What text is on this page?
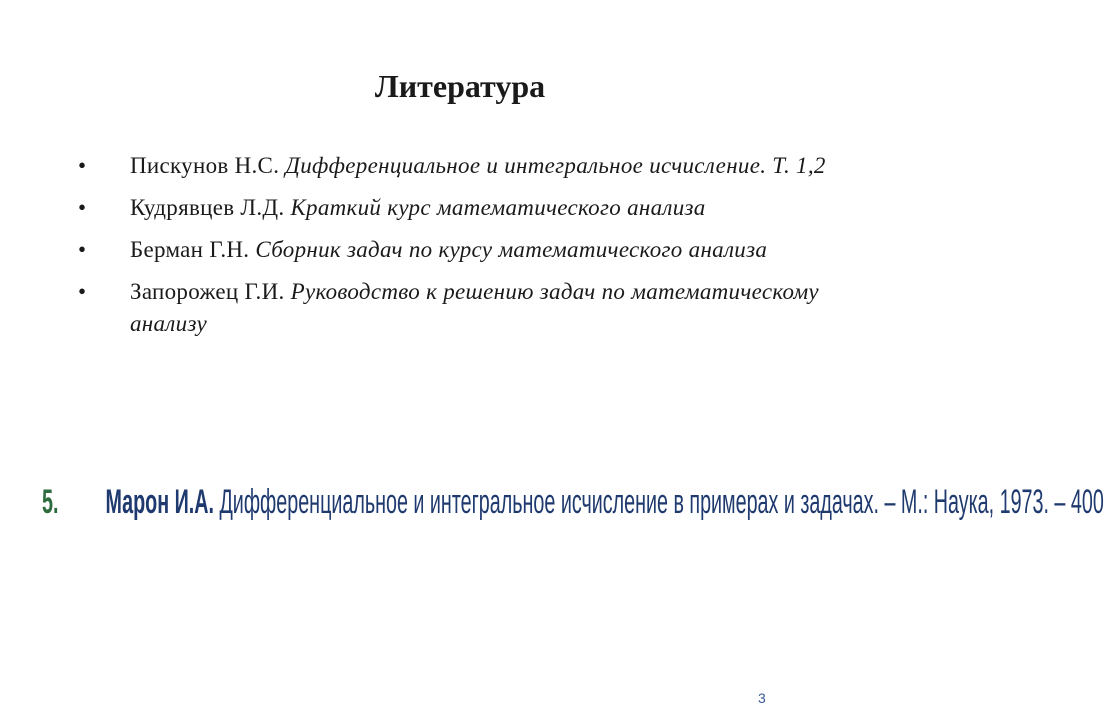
Литература
•	Пискунов Н.С. Дифференциальное и интегральное исчисление. Т. 1,2
•	Кудрявцев Л.Д. Краткий курс математического анализа
•	Берман Г.Н. Сборник задач по курсу математического анализа
•	Запорожец Г.И. Руководство к решению задач по математическому анализу
5. Марон И.А. Дифференциальное и интегральное исчисление в примерах и задачах. – М.: Наука, 1973. – 400
3
